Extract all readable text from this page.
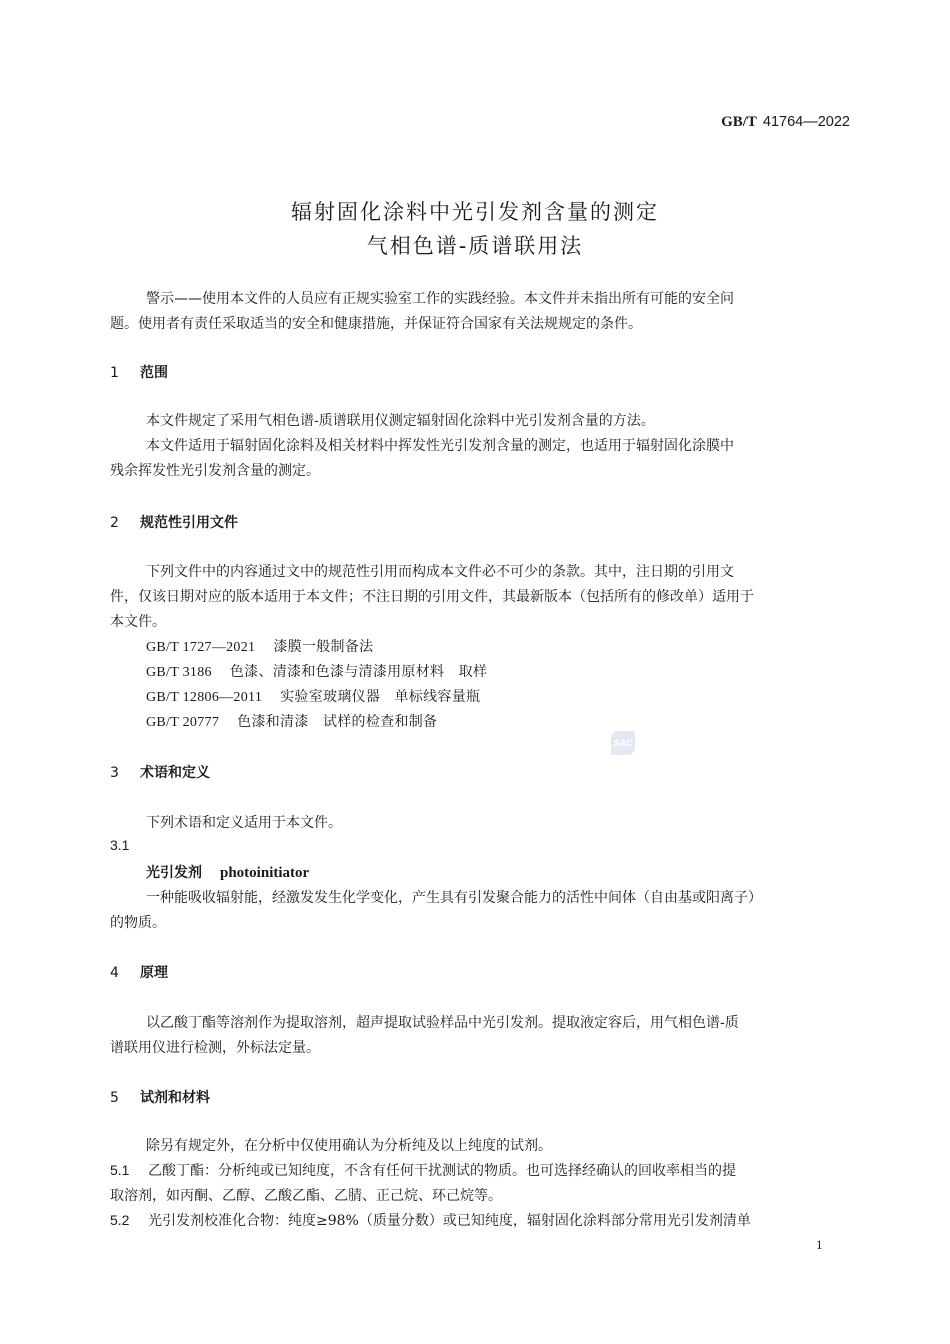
GB/T 41764—2022
辐射固化涂料中光引发剂含量的测定
气相色谱-质谱联用法
警示——使用本文件的人员应有正规实验室工作的实践经验。本文件并未指出所有可能的安全问
题。使用者有责任采取适当的安全和健康措施，并保证符合国家有关法规规定的条件。
1 范围
本文件规定了采用气相色谱-质谱联用仪测定辐射固化涂料中光引发剂含量的方法。
本文件适用于辐射固化涂料及相关材料中挥发性光引发剂含量的测定，也适用于辐射固化涂膜中
残余挥发性光引发剂含量的测定。
2 规范性引用文件
下列文件中的内容通过文中的规范性引用而构成本文件必不可少的条款。其中，注日期的引用文
件，仅该日期对应的版本适用于本文件；不注日期的引用文件，其最新版本（包括所有的修改单）适用于
本文件。
GB/T 1727—2021 漆膜一般制备法
GB/T 3186 色漆、清漆和色漆与清漆用原材料　取样
GB/T 12806—2011 实验室玻璃仪器　单标线容量瓶
GB/T 20777 色漆和清漆　试样的检查和制备
SAC
3 术语和定义
下列术语和定义适用于本文件。
3.1
光引发剂 photoinitiator
一种能吸收辐射能，经激发发生化学变化，产生具有引发聚合能力的活性中间体（自由基或阳离子）
的物质。
4 原理
以乙酸丁酯等溶剂作为提取溶剂，超声提取试验样品中光引发剂。提取液定容后，用气相色谱-质
谱联用仪进行检测，外标法定量。
5 试剂和材料
除另有规定外，在分析中仅使用确认为分析纯及以上纯度的试剂。
5.1 乙酸丁酯：分析纯或已知纯度，不含有任何干扰测试的物质。也可选择经确认的回收率相当的提
取溶剂，如丙酮、乙醇、乙酸乙酯、乙腈、正己烷、环己烷等。
5.2 光引发剂校准化合物：纯度≥98%（质量分数）或已知纯度，辐射固化涂料部分常用光引发剂清单
1
